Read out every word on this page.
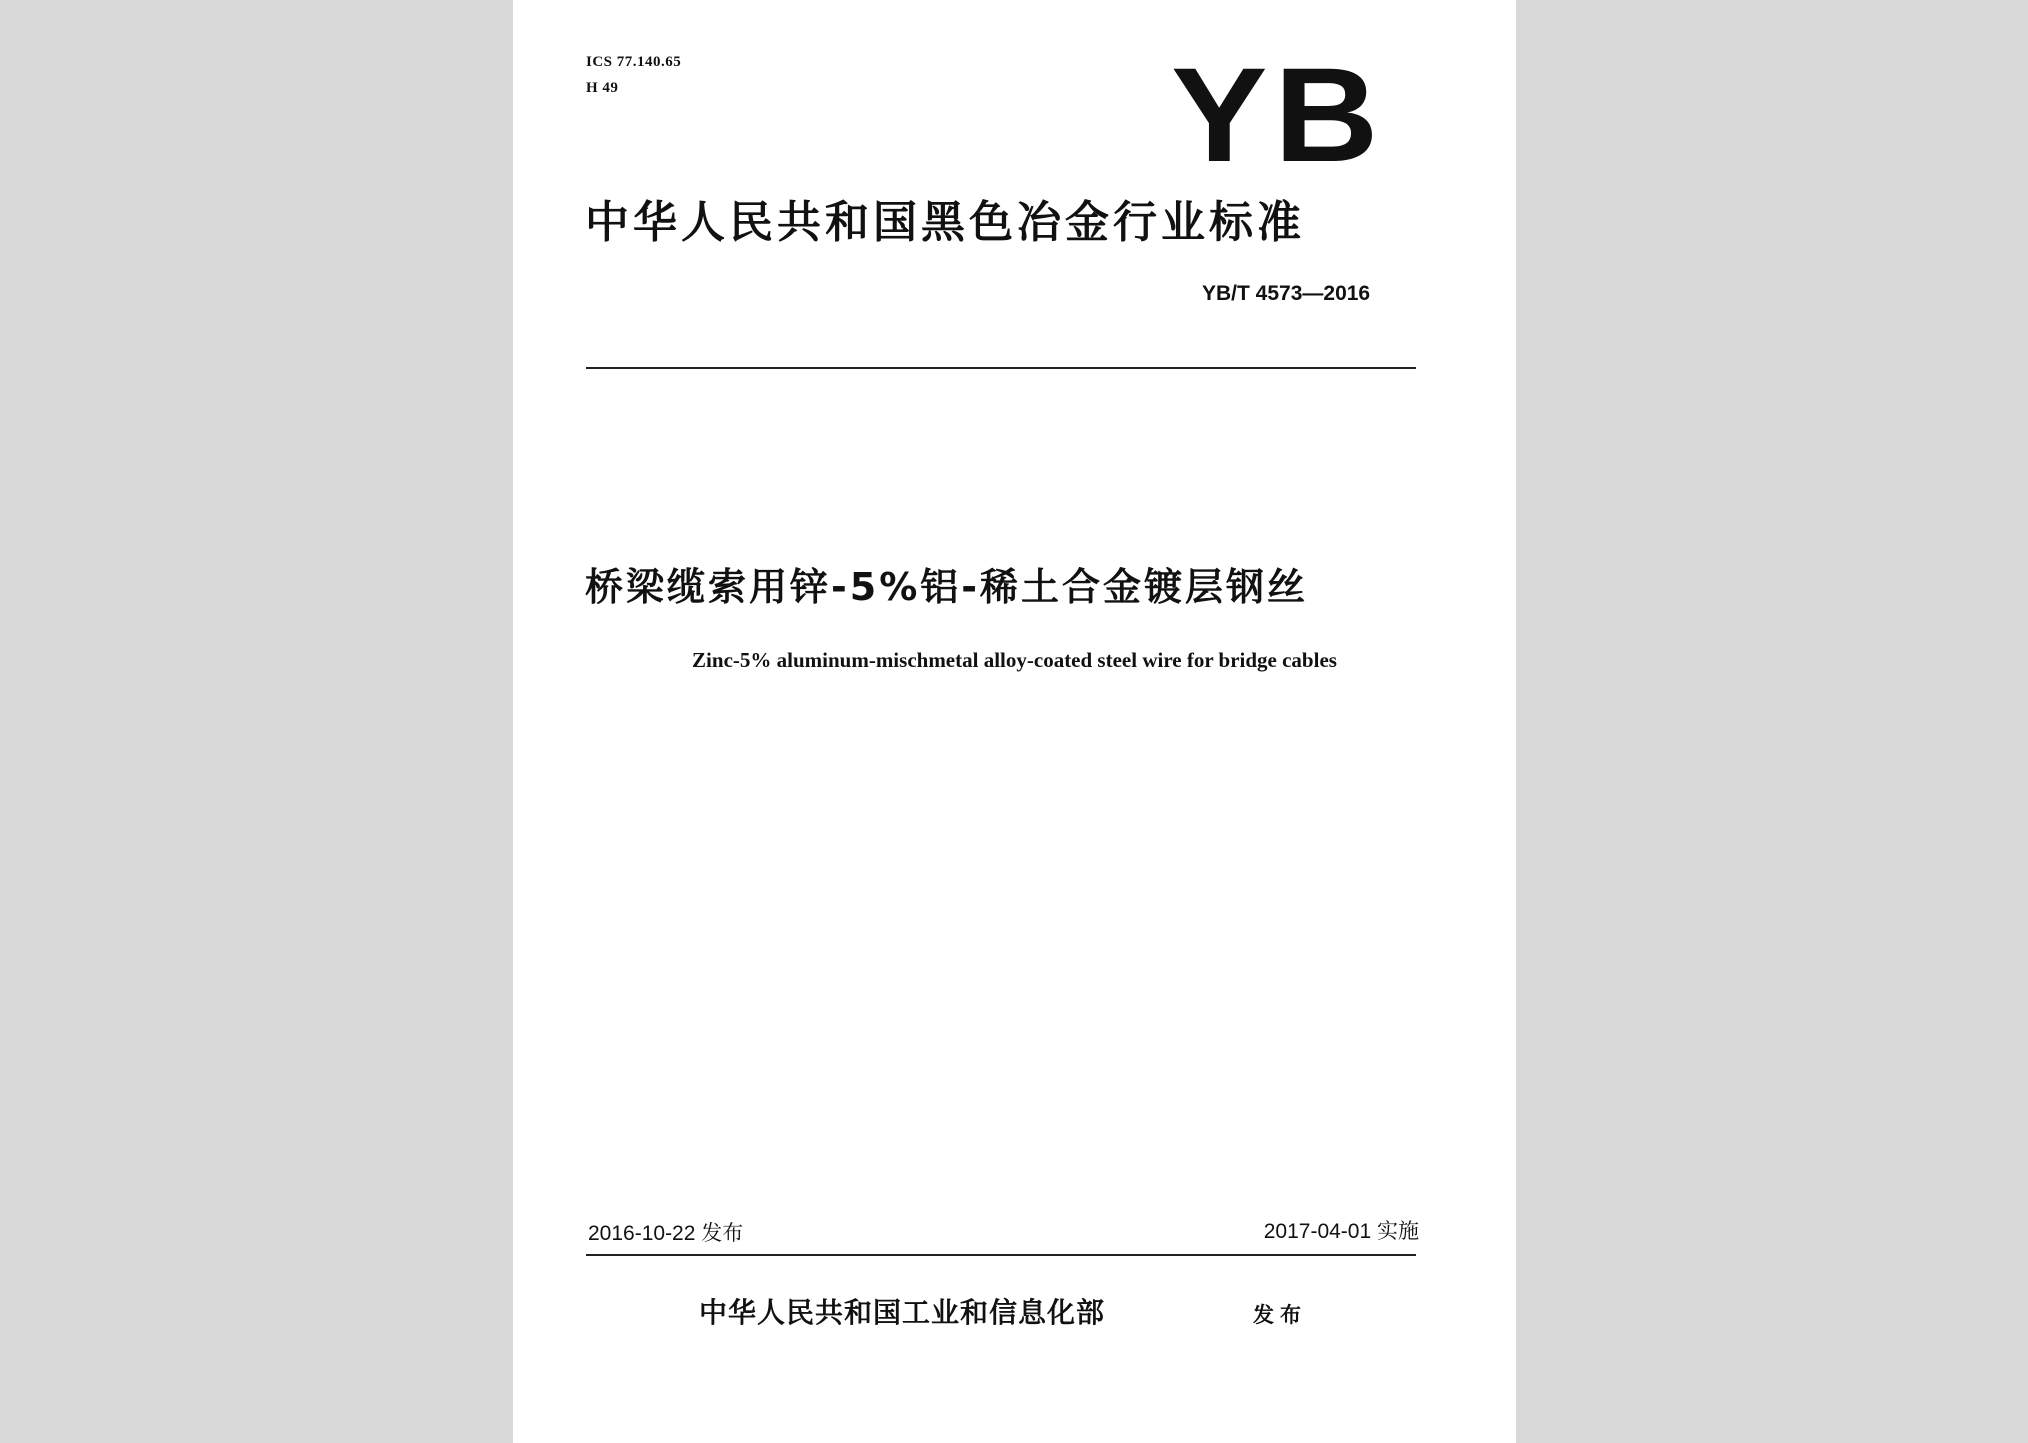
ICS 77.140.65
H 49	YB
中华人民共和国黑色冶金行业标准
YB/T 4573—2016
桥梁缆索用锌-5%铝-稀土合金镀层钢丝
Zinc-5% aluminum-mischmetal alloy-coated steel wire for bridge cables
2016-10-22 发布	2017-04-01 实施
中华人民共和国工业和信息化部	发布
